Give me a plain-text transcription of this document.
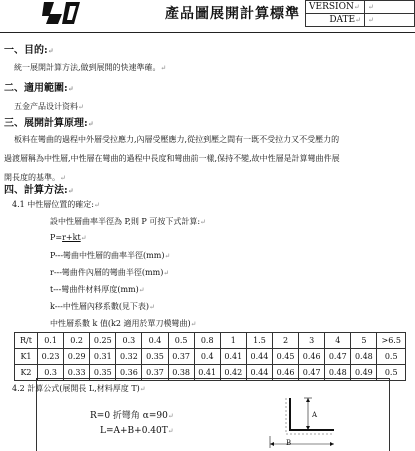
產品圖展開計算標準 VERSION↵	↵
DATE↵	↵
一、目的:↵
統一展開計算方法,做到展開的快速準確。↵
二、適用範圍:↵
五金产品设计资料↵
三、展開計算原理:↵
板料在彎曲的過程中外層受拉應力,內層受壓應力,從拉到壓之間有一既不受拉力又不受壓力的
過渡層稱為中性層,中性層在彎曲的過程中長度和彎曲前一樣,保持不變,故中性層是計算彎曲件展
開長度的基準。↵
四、計算方法:↵
4.1 中性層位置的確定:↵
設中性層曲率半徑為 P,則 P 可按下式計算:↵
P=r+kt↵
P---彎曲中性層的曲率半徑(mm)↵
r---彎曲件內層的彎曲半徑(mm)↵
t---彎曲件材料厚度(mm)↵
k---中性層內移系數(見下表)↵
中性層系數 k 值(k2 適用於單刀模彎曲)↵
R/t	0.1	0.2	0.25	0.3	0.4	0.5	0.8	1	1.5	2	3	4	5	>6.5
K1	0.23	0.29	0.31	0.32	0.35	0.37	0.4	0.41	0.44	0.45	0.46	0.47	0.48	0.5
K2	0.3	0.33	0.35	0.36	0.37	0.38	0.41	0.42	0.44	0.46	0.47	0.48	0.49	0.5
4.2 計算公式(展開長 L,材料厚度 T)↵
R=0 折彎角 α=90↵
L=A+B+0.40T↵
A
B
